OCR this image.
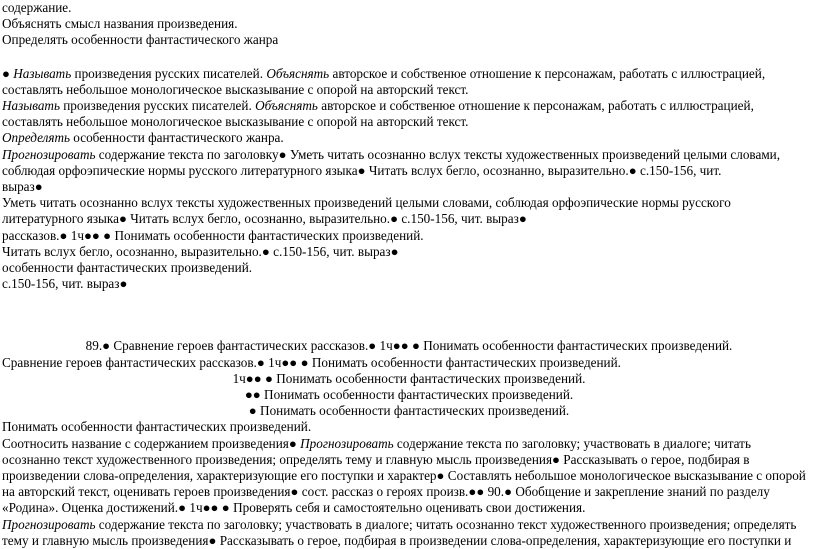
содержание.
Объяснять смысл названия произведения.
Определять особенности фантастического жанра
● Называть произведения русских писателей. Объяснять авторское и собственюе отношение к персонажам, работать с иллюстрацией,
составлять небольшое монологическое высказывание с опорой на авторский текст.
Называть произведения русских писателей. Объяснять авторское и собственюе отношение к персонажам, работать с иллюстрацией,
составлять небольшое монологическое высказывание с опорой на авторский текст.
Определять особенности фантастического жанра.
Прогнозировать содержание текста по заголовку● Уметь читать осознанно вслух тексты художественных произведений целыми словами,
соблюдая орфоэпические нормы русского литературного языка● Читать вслух бегло, осознанно, выразительно.● с.150-156, чит.
выраз●
Уметь читать осознанно вслух тексты художественных произведений целыми словами, соблюдая орфоэпические нормы русского
литературного языка● Читать вслух бегло, осознанно, выразительно.● с.150-156, чит. выраз●
рассказов.● 1ч●● ● Понимать особенности фантастических произведений.
Читать вслух бегло, осознанно, выразительно.● с.150-156, чит. выраз●
особенности фантастических произведений.
с.150-156, чит. выраз●
89.● Сравнение героев фантастических рассказов.● 1ч●● ● Понимать особенности фантастических произведений.
Сравнение героев фантастических рассказов.● 1ч●● ● Понимать особенности фантастических произведений.
1ч●● ● Понимать особенности фантастических произведений.
●● Понимать особенности фантастических произведений.
● Понимать особенности фантастических произведений.
Понимать особенности фантастических произведений.
Соотносить название с содержанием произведения● Прогнозировать содержание текста по заголовку; участвовать в диалоге; читать
осознанно текст художественного произведения; определять тему и главную мысль произведения● Рассказывать о герое, подбирая в
произведении слова-определения, характеризующие его поступки и характер● Составлять небольшое монологическое высказывание с опорой
на авторский текст, оценивать героев произведения● сост. рассказ о героях произв.●● 90.● Обобщение и закрепление знаний по разделу
«Родина». Оценка достижений.● 1ч●● ● Проверять себя и самостоятельно оценивать свои достижения.
Прогнозировать содержание текста по заголовку; участвовать в диалоге; читать осознанно текст художественного произведения; определять
тему и главную мысль произведения● Рассказывать о герое, подбирая в произведении слова-определения, характеризующие его поступки и
